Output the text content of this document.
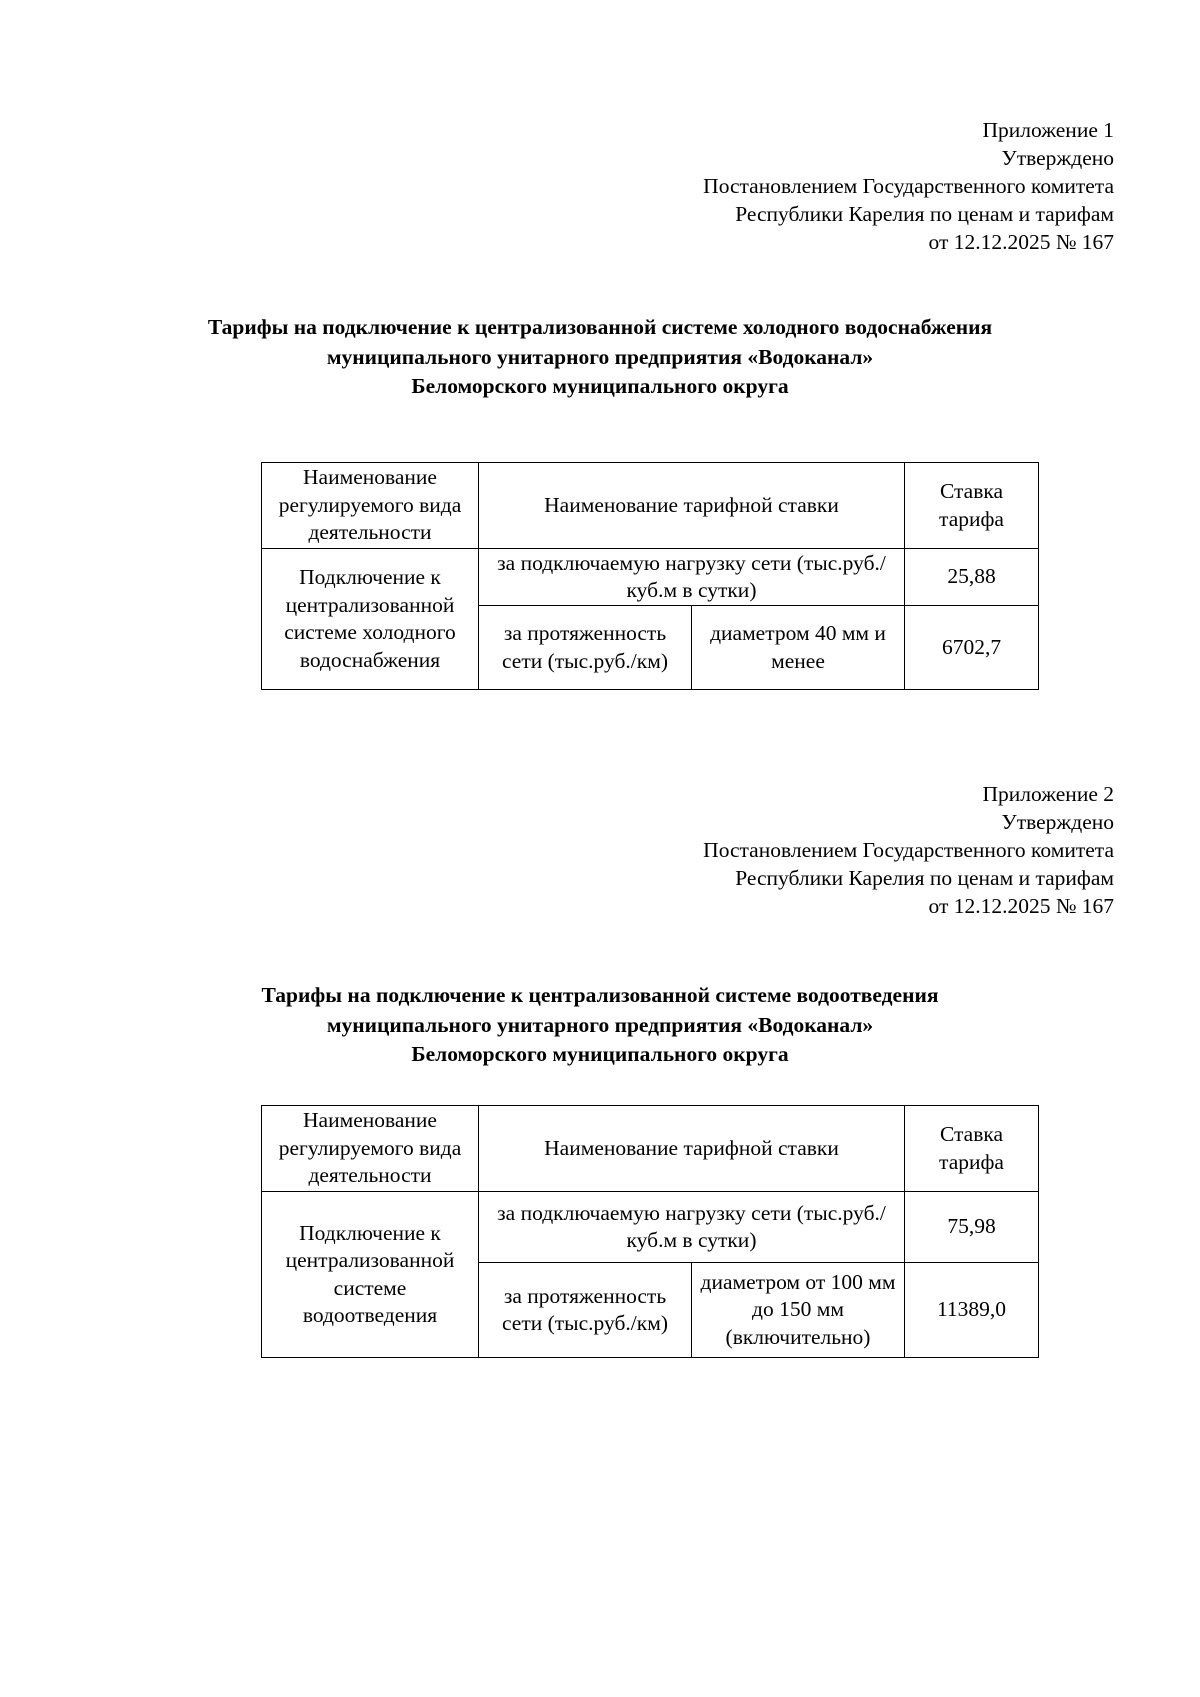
Приложение 1
Утверждено
Постановлением Государственного комитета
Республики Карелия по ценам и тарифам
от 12.12.2025 № 167
Тарифы на подключение к централизованной системе холодного водоснабжения
муниципального унитарного предприятия «Водоканал»
Беломорского муниципального округа
Наименование регулируемого вида деятельности	Наименование тарифной ставки		Ставка тарифа
Подключение к централизованной системе холодного водоснабжения	за подключаемую нагрузку сети (тыс.руб./куб.м в сутки)		25,88
	за протяженность сети (тыс.руб./км)	диаметром 40 мм и менее	6702,7
Приложение 2
Утверждено
Постановлением Государственного комитета
Республики Карелия по ценам и тарифам
от 12.12.2025 № 167
Тарифы на подключение к централизованной системе водоотведения
муниципального унитарного предприятия «Водоканал»
Беломорского муниципального округа
Наименование регулируемого вида деятельности	Наименование тарифной ставки		Ставка тарифа
Подключение к централизованной системе водоотведения	за подключаемую нагрузку сети (тыс.руб./куб.м в сутки)		75,98
	за протяженность сети (тыс.руб./км)	диаметром от 100 мм до 150 мм (включительно)	11389,0
